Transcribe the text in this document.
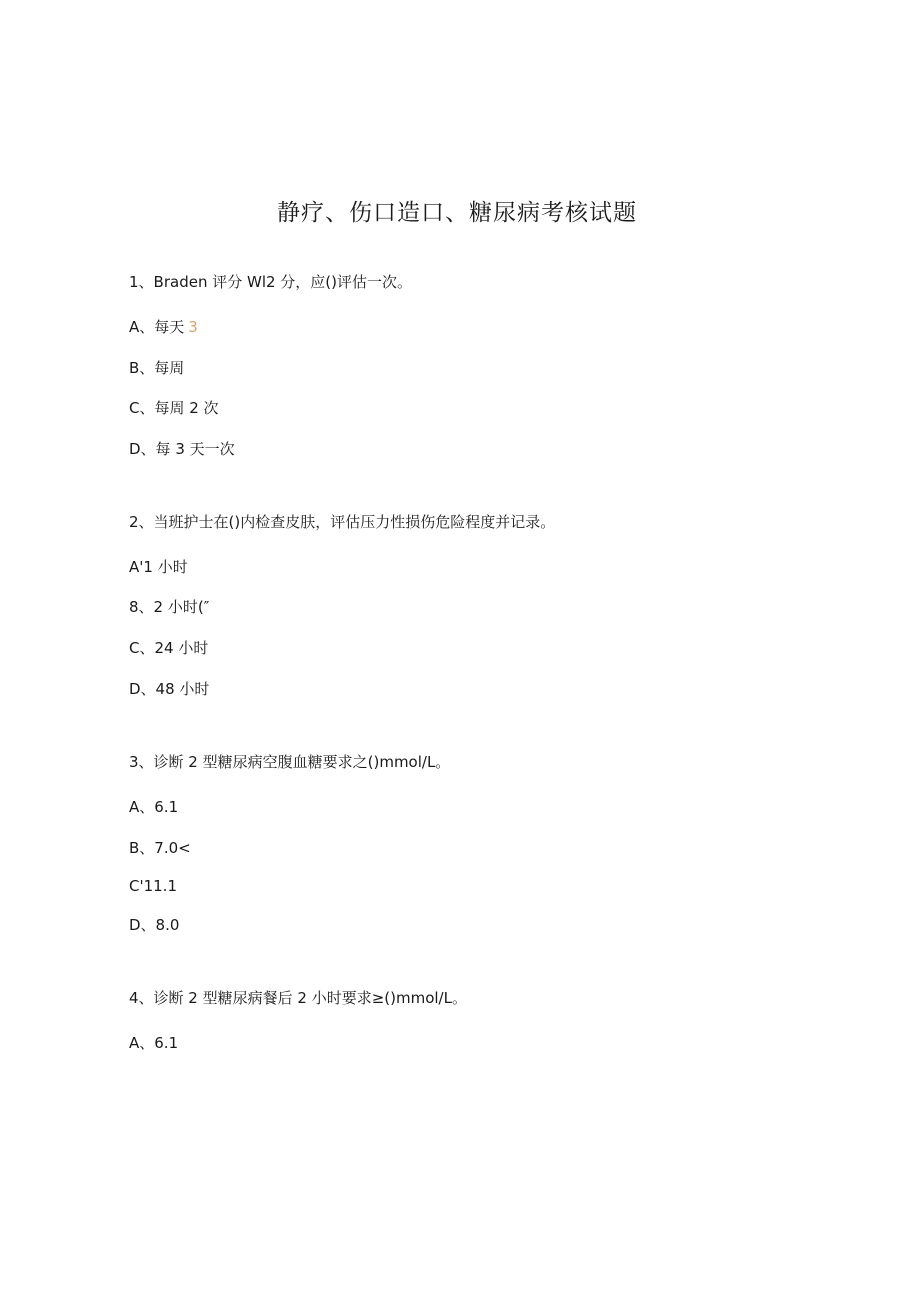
静疗、伤口造口、糖尿病考核试题
1、Braden 评分 Wl2 分，应()评估一次。
A、每天 3
B、每周
C、每周 2 次
D、每 3 天一次
2、当班护士在()内检查皮肤，评估压力性损伤危险程度并记录。
A'1 小时
8、2 小时(″
C、24 小时
D、48 小时
3、诊断 2 型糖尿病空腹血糖要求之()mmol/L。
A、6.1
B、7.0<
C'11.1
D、8.0
4、诊断 2 型糖尿病餐后 2 小时要求≥()mmol/L。
A、6.1
